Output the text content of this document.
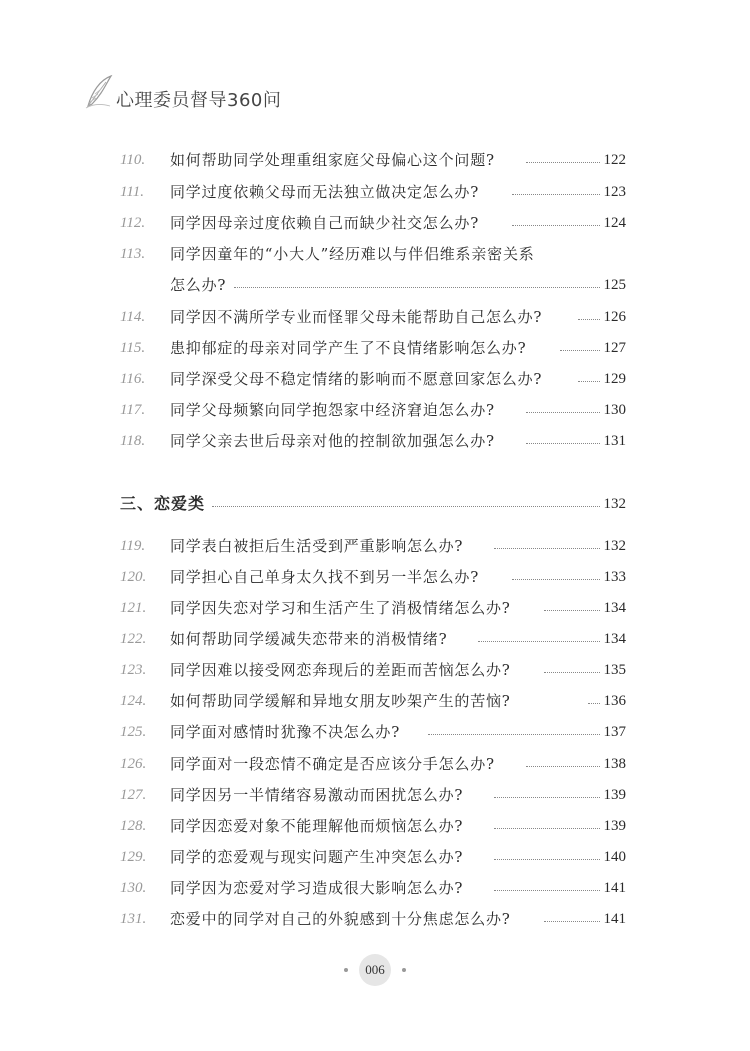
心理委员督导360问
110.	如何帮助同学处理重组家庭父母偏心这个问题?	122
111.	同学过度依赖父母而无法独立做决定怎么办?	123
112.	同学因母亲过度依赖自己而缺少社交怎么办?	124
113.	同学因童年的“小大人”经历难以与伴侣维系亲密关系
怎么办?	125
114.	同学因不满所学专业而怪罪父母未能帮助自己怎么办?	126
115.	患抑郁症的母亲对同学产生了不良情绪影响怎么办?	127
116.	同学深受父母不稳定情绪的影响而不愿意回家怎么办?	129
117.	同学父母频繁向同学抱怨家中经济窘迫怎么办?	130
118.	同学父亲去世后母亲对他的控制欲加强怎么办?	131
三、恋爱类	132
119.	同学表白被拒后生活受到严重影响怎么办?	132
120.	同学担心自己单身太久找不到另一半怎么办?	133
121.	同学因失恋对学习和生活产生了消极情绪怎么办?	134
122.	如何帮助同学缓减失恋带来的消极情绪?	134
123.	同学因难以接受网恋奔现后的差距而苦恼怎么办?	135
124.	如何帮助同学缓解和异地女朋友吵架产生的苦恼?	136
125.	同学面对感情时犹豫不决怎么办?	137
126.	同学面对一段恋情不确定是否应该分手怎么办?	138
127.	同学因另一半情绪容易激动而困扰怎么办?	139
128.	同学因恋爱对象不能理解他而烦恼怎么办?	139
129.	同学的恋爱观与现实问题产生冲突怎么办?	140
130.	同学因为恋爱对学习造成很大影响怎么办?	141
131.	恋爱中的同学对自己的外貌感到十分焦虑怎么办?	141
006
